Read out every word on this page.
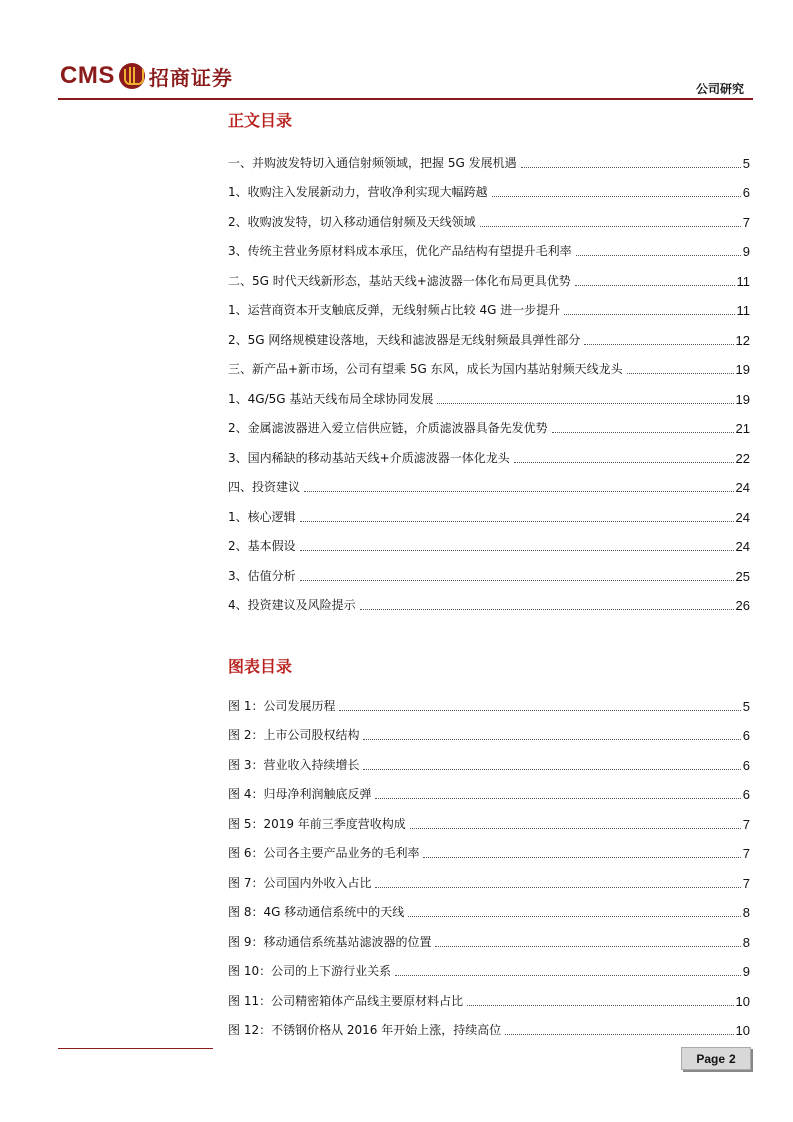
CMS 招商证券	公司研究
正文目录
一、并购波发特切入通信射频领域，把握 5G 发展机遇	5
1、收购注入发展新动力，营收净利实现大幅跨越	6
2、收购波发特，切入移动通信射频及天线领域	7
3、传统主营业务原材料成本承压，优化产品结构有望提升毛利率	9
二、5G 时代天线新形态，基站天线+滤波器一体化布局更具优势	11
1、运营商资本开支触底反弹，无线射频占比较 4G 进一步提升	11
2、5G 网络规模建设落地，天线和滤波器是无线射频最具弹性部分	12
三、新产品+新市场，公司有望乘 5G 东风，成长为国内基站射频天线龙头	19
1、4G/5G 基站天线布局全球协同发展	19
2、金属滤波器进入爱立信供应链，介质滤波器具备先发优势	21
3、国内稀缺的移动基站天线+介质滤波器一体化龙头	22
四、投资建议	24
1、核心逻辑	24
2、基本假设	24
3、估值分析	25
4、投资建议及风险提示	26
图表目录
图 1：公司发展历程	5
图 2：上市公司股权结构	6
图 3：营业收入持续增长	6
图 4：归母净利润触底反弹	6
图 5：2019 年前三季度营收构成	7
图 6：公司各主要产品业务的毛利率	7
图 7：公司国内外收入占比	7
图 8：4G 移动通信系统中的天线	8
图 9：移动通信系统基站滤波器的位置	8
图 10：公司的上下游行业关系	9
图 11：公司精密箱体产品线主要原材料占比	10
图 12：不锈钢价格从 2016 年开始上涨，持续高位	10
Page 2
